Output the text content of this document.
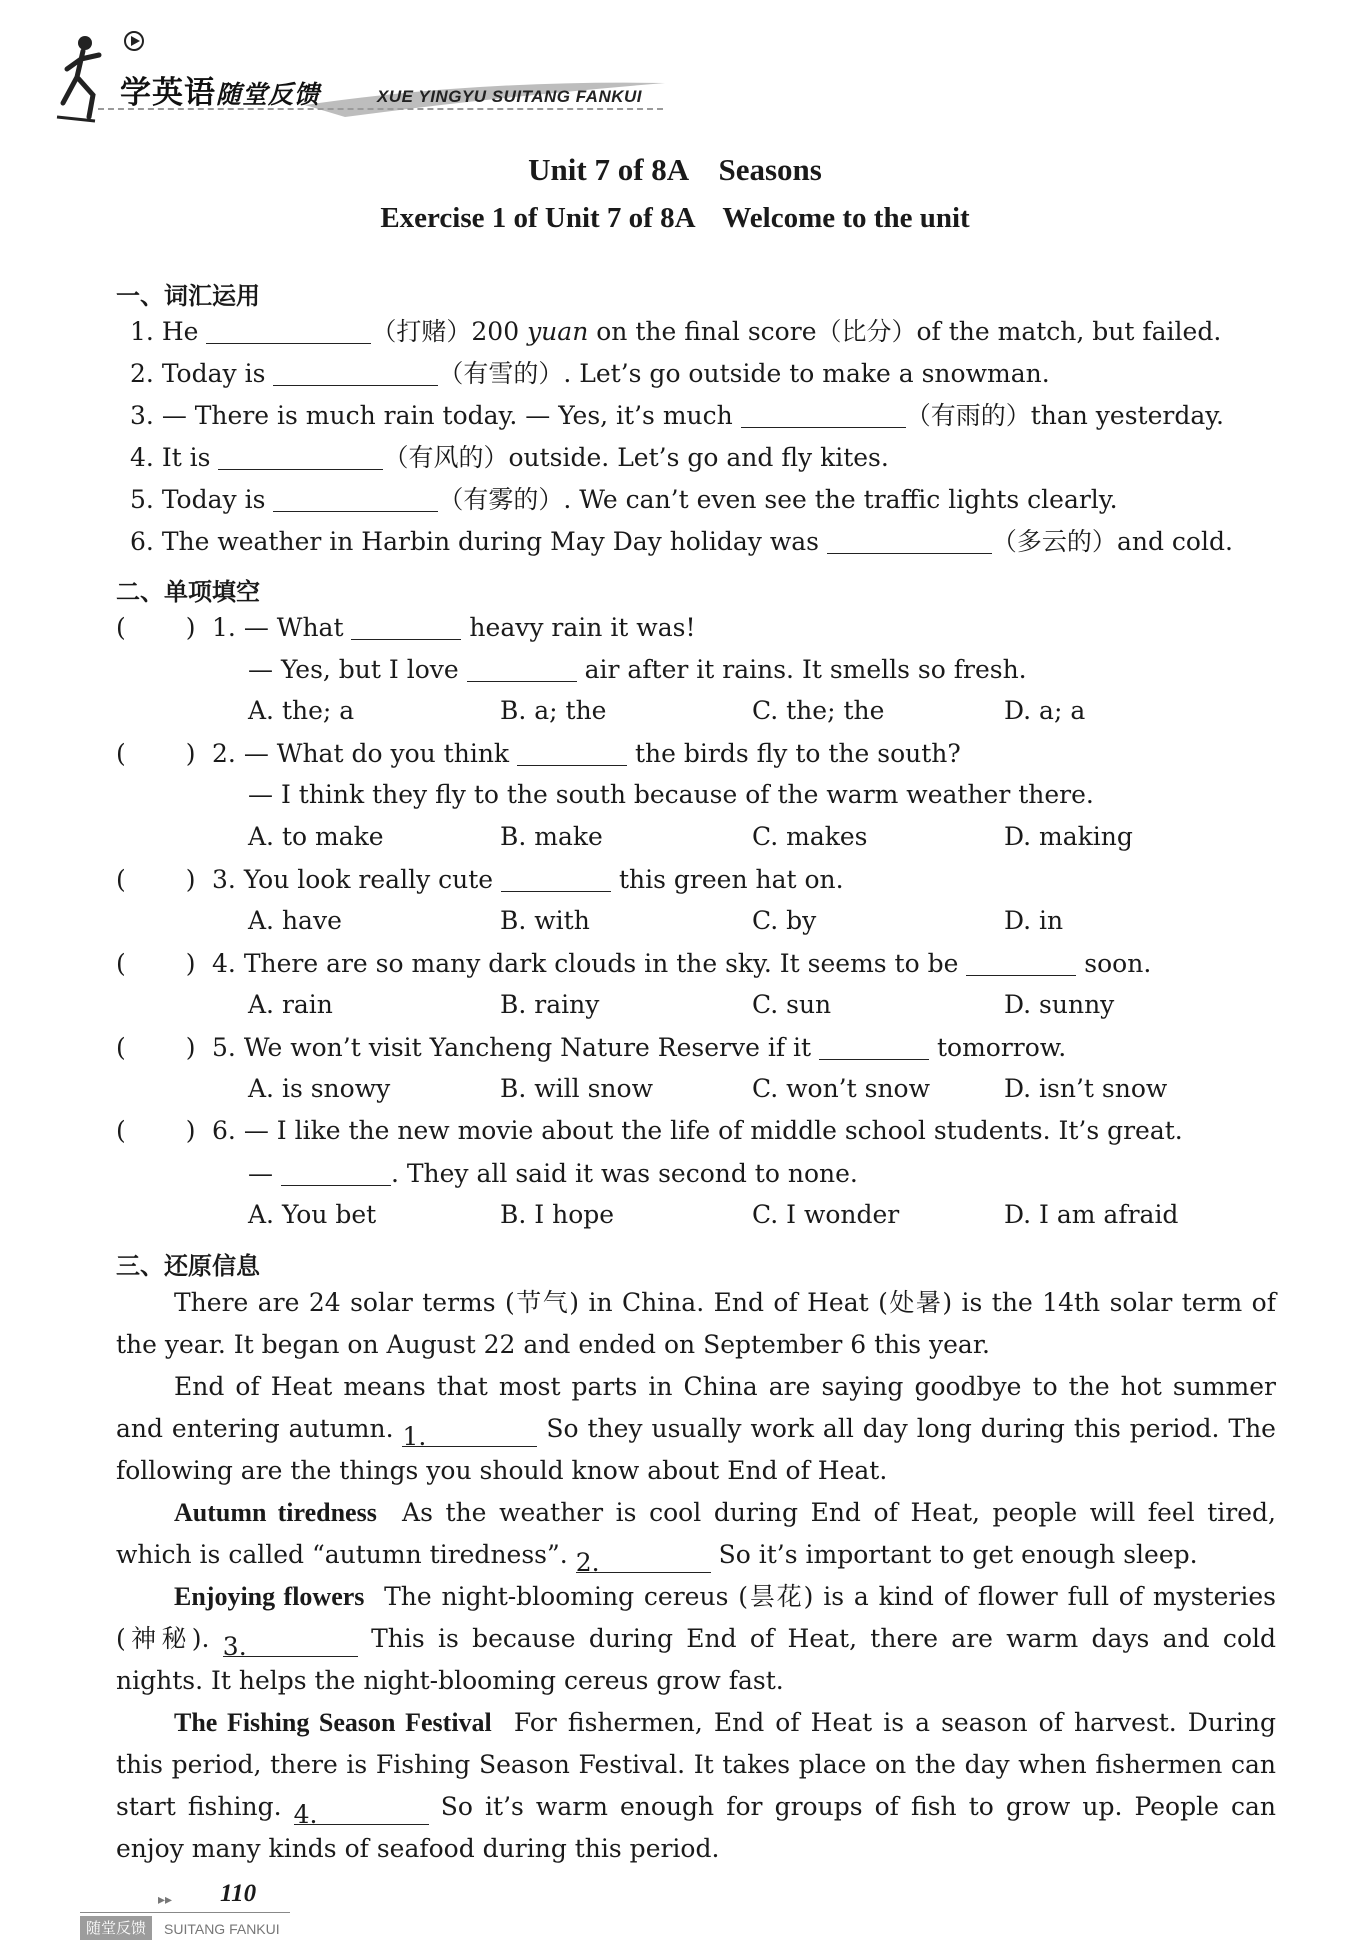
学英语随堂反馈	XUE YINGYU SUITANG FANKUI
Unit 7 of 8A    Seasons
Exercise 1 of Unit 7 of 8A    Welcome to the unit
一、词汇运用
1. He	（打赌）200 yuan on the final score（比分）of the match, but failed.
2. Today is	（有雪的）. Let’s go outside to make a snowman.
3. — There is much rain today. — Yes, it’s much	（有雨的）than yesterday.
4. It is	（有风的）outside. Let’s go and fly kites.
5. Today is	（有雾的）. We can’t even see the traffic lights clearly.
6. The weather in Harbin during May Day holiday was	（多云的）and cold.
二、单项填空
( ) 1. — What	heavy rain it was!
— Yes, but I love	air after it rains. It smells so fresh.
A. the; a	B. a; the	C. the; the	D. a; a
( ) 2. — What do you think	the birds fly to the south?
— I think they fly to the south because of the warm weather there.
A. to make	B. make	C. makes	D. making
( ) 3. You look really cute	this green hat on.
A. have	B. with	C. by	D. in
( ) 4. There are so many dark clouds in the sky. It seems to be	soon.
A. rain	B. rainy	C. sun	D. sunny
( ) 5. We won’t visit Yancheng Nature Reserve if it	tomorrow.
A. is snowy	B. will snow	C. won’t snow	D. isn’t snow
( ) 6. — I like the new movie about the life of middle school students. It’s great.
—	. They all said it was second to none.
A. You bet	B. I hope	C. I wonder	D. I am afraid
三、还原信息
There are 24 solar terms (节气) in China. End of Heat (处暑) is the 14th solar term of the year. It began on August 22 and ended on September 6 this year.
End of Heat means that most parts in China are saying goodbye to the hot summer and entering autumn. 1.	So they usually work all day long during this period. The following are the things you should know about End of Heat.
Autumn tiredness As the weather is cool during End of Heat, people will feel tired, which is called “autumn tiredness”. 2.	So it’s important to get enough sleep.
Enjoying flowers The night-blooming cereus (昙花) is a kind of flower full of mysteries (神秘). 3.	This is because during End of Heat, there are warm days and cold nights. It helps the night-blooming cereus grow fast.
The Fishing Season Festival For fishermen, End of Heat is a season of harvest. During this period, there is Fishing Season Festival. It takes place on the day when fishermen can start fishing. 4.	So it’s warm enough for groups of fish to grow up. People can enjoy many kinds of seafood during this period.
▸▸ 110
随堂反馈	SUITANG FANKUI
